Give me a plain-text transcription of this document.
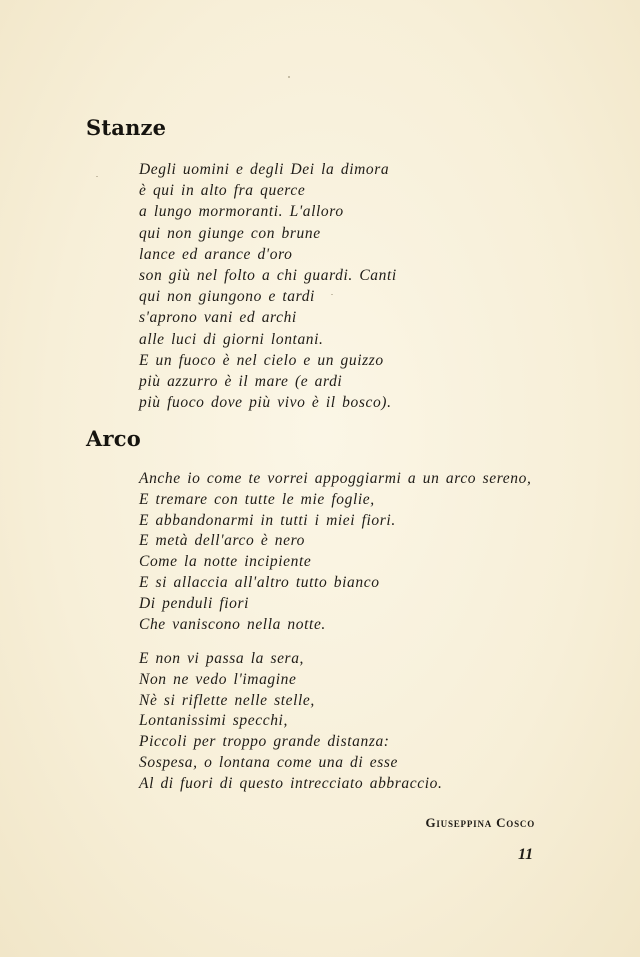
Stanze
Degli uomini e degli Dei la dimora
è qui in alto fra querce
a lungo mormoranti. L'alloro
qui non giunge con brune
lance ed arance d'oro
son giù nel folto a chi guardi. Canti
qui non giungono e tardi
s'aprono vani ed archi
alle luci di giorni lontani.
E un fuoco è nel cielo e un guizzo
più azzurro è il mare (e ardi
più fuoco dove più vivo è il bosco).
Arco
Anche io come te vorrei appoggiarmi a un arco sereno,
E tremare con tutte le mie foglie,
E abbandonarmi in tutti i miei fiori.
E metà dell'arco è nero
Come la notte incipiente
E si allaccia all'altro tutto bianco
Di penduli fiori
Che vaniscono nella notte.
E non vi passa la sera,
Non ne vedo l'imagine
Nè si riflette nelle stelle,
Lontanissimi specchi,
Piccoli per troppo grande distanza:
Sospesa, o lontana come una di esse
Al di fuori di questo intrecciato abbraccio.

Giuseppina Cosco

11
